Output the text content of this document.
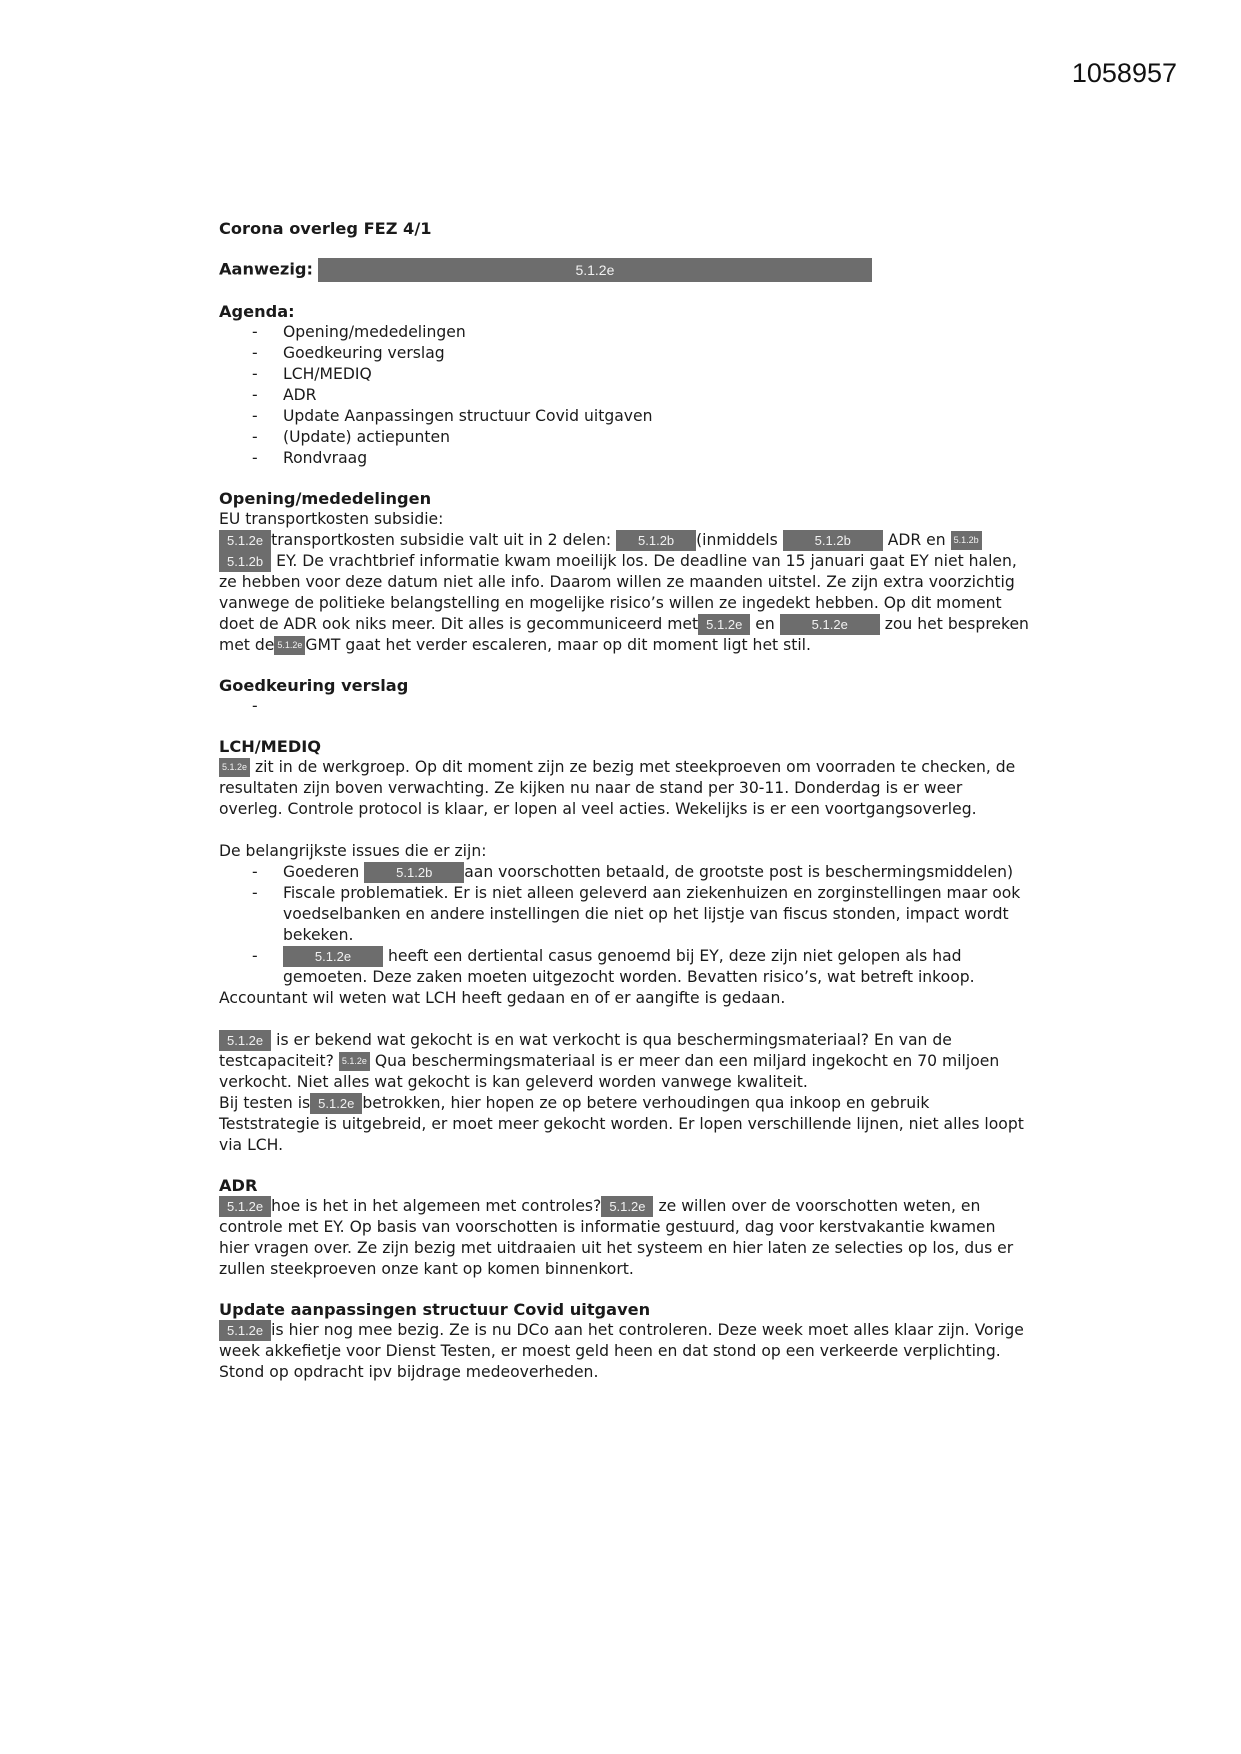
1058957

Corona overleg FEZ 4/1

Aanwezig:	5.1.2e

Agenda:

- Opening/mededelingen
- Goedkeuring verslag
- LCH/MEDIQ
- ADR
- Update Aanpassingen structuur Covid uitgaven
- (Update) actiepunten
- Rondvraag

Opening/mededelingen

EU transportkosten subsidie:

5.1.2e transportkosten subsidie valt uit in 2 delen: 5.1.2b (inmiddels	5.1.2b ADR en 5.1.2b 5.1.2b EY. De vrachtbrief informatie kwam moeilijk los. De deadline van 15 januari gaat EY niet halen, ze hebben voor deze datum niet alle info. Daarom willen ze maanden uitstel. Ze zijn extra voorzichtig vanwege de politieke belangstelling en mogelijke risico’s willen ze ingedekt hebben. Op dit moment doet de ADR ook niks meer. Dit alles is gecommuniceerd met 5.1.2e en	5.1.2e zou het bespreken met de 5.1.2e GMT gaat het verder escaleren, maar op dit moment ligt het stil.

Goedkeuring verslag

-

LCH/MEDIQ

5.1.2e zit in de werkgroep. Op dit moment zijn ze bezig met steekproeven om voorraden te checken, de resultaten zijn boven verwachting. Ze kijken nu naar de stand per 30-11. Donderdag is er weer overleg. Controle protocol is klaar, er lopen al veel acties. Wekelijks is er een voortgangsoverleg.

De belangrijkste issues die er zijn:

- Goederen	5.1.2b aan voorschotten betaald, de grootste post is beschermingsmiddelen)
- Fiscale problematiek. Er is niet alleen geleverd aan ziekenhuizen en zorginstellingen maar ook voedselbanken en andere instellingen die niet op het lijstje van fiscus stonden, impact wordt bekeken.
- 5.1.2e heeft een dertiental casus genoemd bij EY, deze zijn niet gelopen als had gemoeten. Deze zaken moeten uitgezocht worden. Bevatten risico’s, wat betreft inkoop.

Accountant wil weten wat LCH heeft gedaan en of er aangifte is gedaan.

5.1.2e is er bekend wat gekocht is en wat verkocht is qua beschermingsmateriaal? En van de testcapaciteit? 5.1.2e Qua beschermingsmateriaal is er meer dan een miljard ingekocht en 70 miljoen verkocht. Niet alles wat gekocht is kan geleverd worden vanwege kwaliteit.

Bij testen is 5.1.2e betrokken, hier hopen ze op betere verhoudingen qua inkoop en gebruik

Teststrategie is uitgebreid, er moet meer gekocht worden. Er lopen verschillende lijnen, niet alles loopt via LCH.

ADR

5.1.2e hoe is het in het algemeen met controles? 5.1.2e ze willen over de voorschotten weten, en controle met EY. Op basis van voorschotten is informatie gestuurd, dag voor kerstvakantie kwamen hier vragen over. Ze zijn bezig met uitdraaien uit het systeem en hier laten ze selecties op los, dus er zullen steekproeven onze kant op komen binnenkort.

Update aanpassingen structuur Covid uitgaven

5.1.2e is hier nog mee bezig. Ze is nu DCo aan het controleren. Deze week moet alles klaar zijn. Vorige week akkefietje voor Dienst Testen, er moest geld heen en dat stond op een verkeerde verplichting. Stond op opdracht ipv bijdrage medeoverheden.
